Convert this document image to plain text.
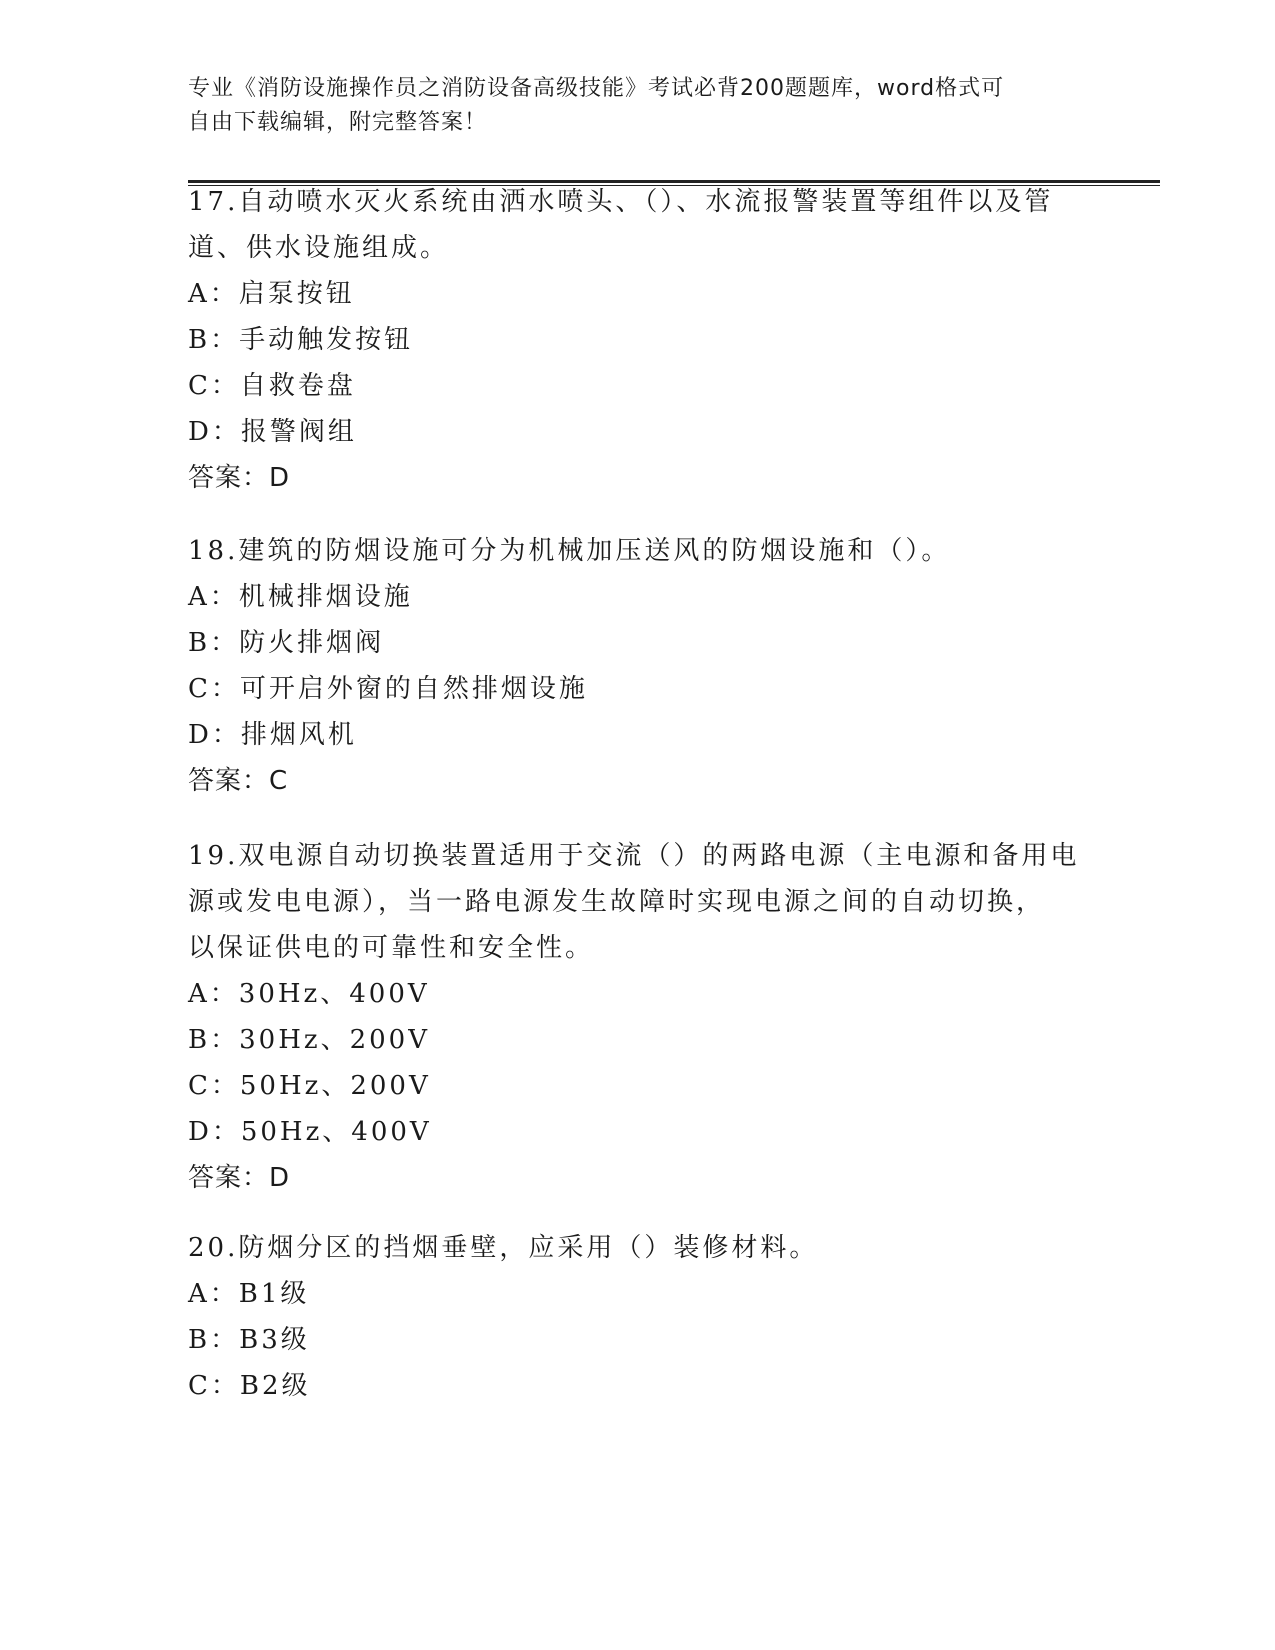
专业《消防设施操作员之消防设备高级技能》考试必背200题题库，word格式可
自由下载编辑，附完整答案！
17.自动喷水灭火系统由洒水喷头、（）、水流报警装置等组件以及管
道、供水设施组成。
A：启泵按钮
B：手动触发按钮
C：自救卷盘
D：报警阀组
答案：D
18.建筑的防烟设施可分为机械加压送风的防烟设施和（）。
A：机械排烟设施
B：防火排烟阀
C：可开启外窗的自然排烟设施
D：排烟风机
答案：C
19.双电源自动切换装置适用于交流（）的两路电源（主电源和备用电
源或发电电源），当一路电源发生故障时实现电源之间的自动切换，
以保证供电的可靠性和安全性。
A：30Hz、400V
B：30Hz、200V
C：50Hz、200V
D：50Hz、400V
答案：D
20.防烟分区的挡烟垂壁，应采用（）装修材料。
A：B1级
B：B3级
C：B2级
